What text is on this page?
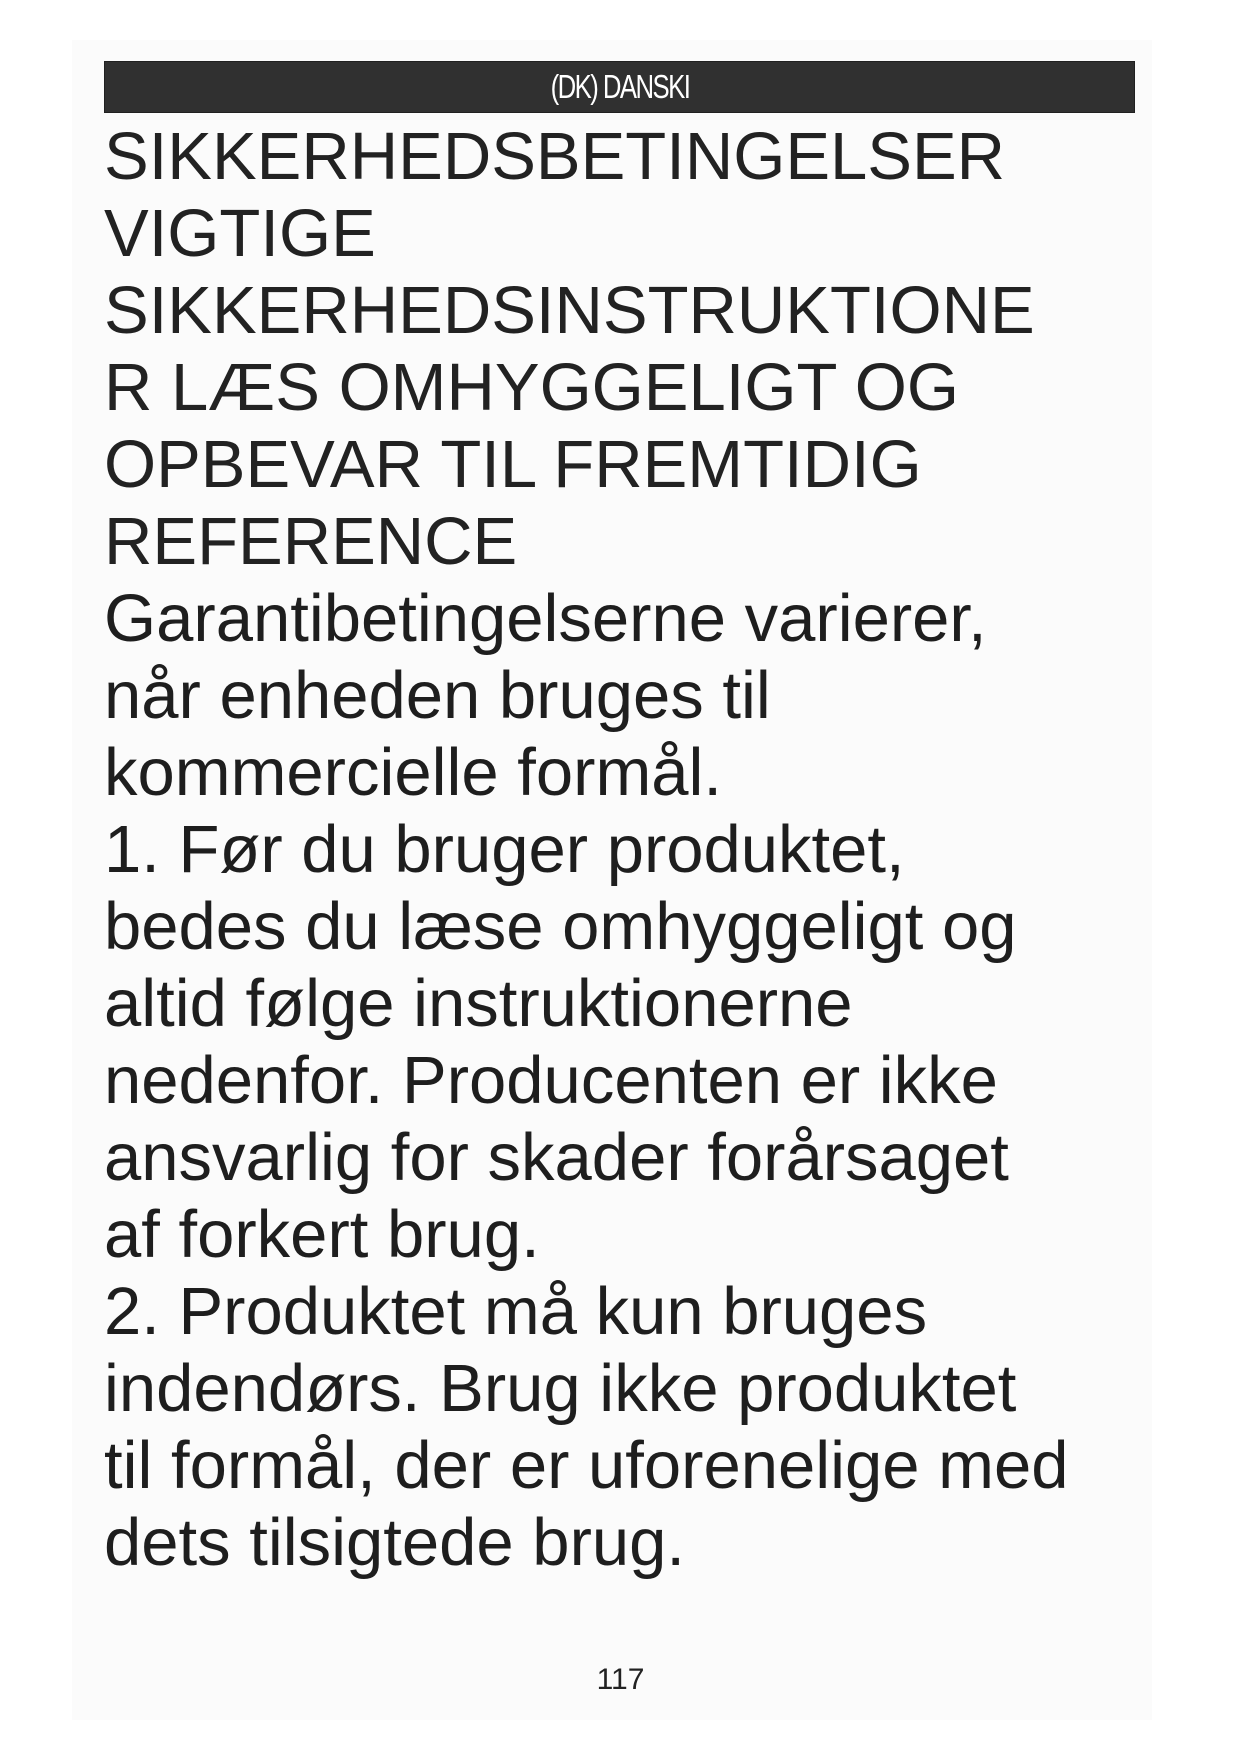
(DK) DANSKI
SIKKERHEDSBETINGELSER
VIGTIGE
SIKKERHEDSINSTRUKTIONE
R LÆS OMHYGGELIGT OG
OPBEVAR TIL FREMTIDIG
REFERENCE
Garantibetingelserne varierer,
når enheden bruges til
kommercielle formål.
1. Før du bruger produktet,
bedes du læse omhyggeligt og
altid følge instruktionerne
nedenfor. Producenten er ikke
ansvarlig for skader forårsaget
af forkert brug.
2. Produktet må kun bruges
indendørs. Brug ikke produktet
til formål, der er uforenelige med
dets tilsigtede brug.
117
